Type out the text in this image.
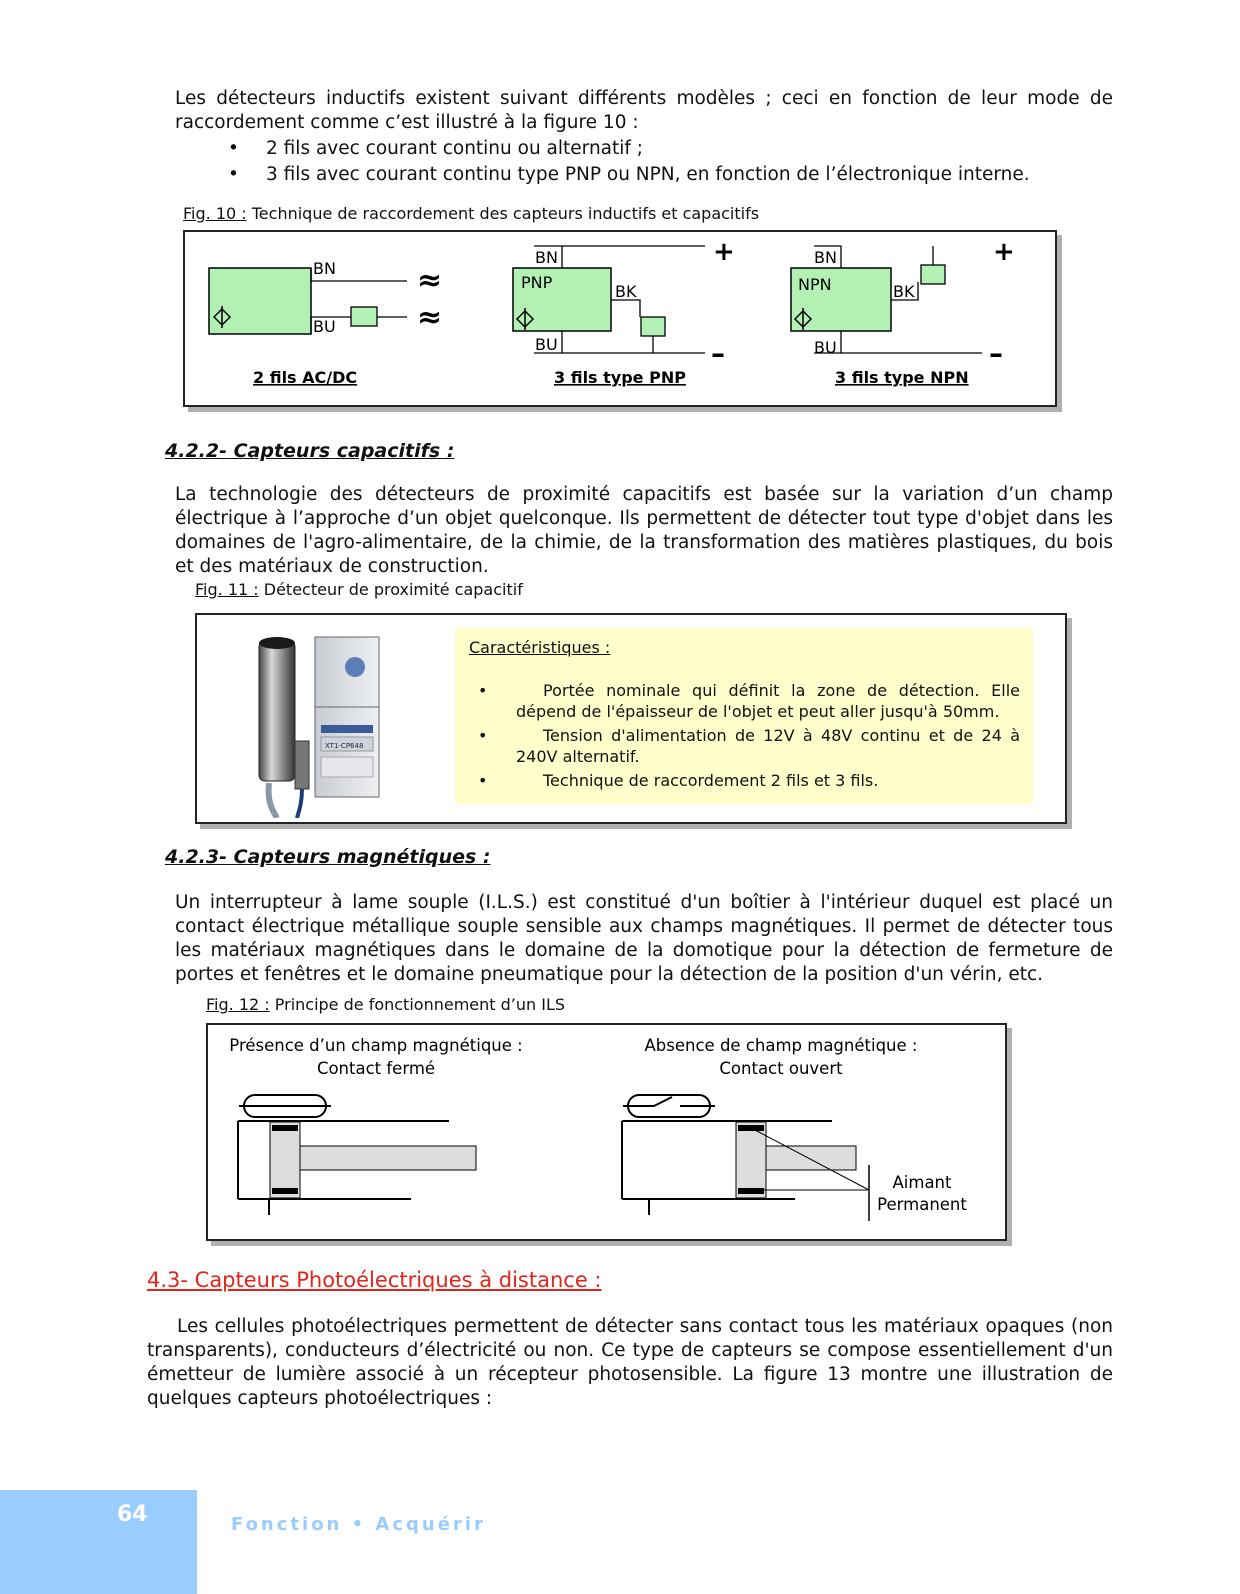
Les détecteurs inductifs existent suivant différents modèles ; ceci en fonction de leur mode de raccordement comme c’est illustré à la figure 10 :
• 2 fils avec courant continu ou alternatif ;
• 3 fils avec courant continu type PNP ou NPN, en fonction de l’électronique interne.
Fig. 10 : Technique de raccordement des capteurs inductifs et capacitifs
BN
BU
≈
≈
2 fils AC/DC
BN
PNP	BK
BU
+
–
3 fils type PNP
BN
NPN	BK
BU
+
–
3 fils type NPN
4.2.2- Capteurs capacitifs :
La technologie des détecteurs de proximité capacitifs est basée sur la variation d’un champ électrique à l’approche d’un objet quelconque. Ils permettent de détecter tout type d'objet dans les domaines de l'agro-alimentaire, de la chimie, de la transformation des matières plastiques, du bois et des matériaux de construction.
Fig. 11 : Détecteur de proximité capacitif
XT1-CP648
Caractéristiques :
• Portée nominale qui définit la zone de détection. Elle dépend de l'épaisseur de l'objet et peut aller jusqu'à 50mm.
• Tension d'alimentation de 12V à 48V continu et de 24 à 240V alternatif.
• Technique de raccordement 2 fils et 3 fils.
4.2.3- Capteurs magnétiques :
Un interrupteur à lame souple (I.L.S.) est constitué d'un boîtier à l'intérieur duquel est placé un contact électrique métallique souple sensible aux champs magnétiques. Il permet de détecter tous les matériaux magnétiques dans le domaine de la domotique pour la détection de fermeture de portes et fenêtres et le domaine pneumatique pour la détection de la position d'un vérin, etc.
Fig. 12 : Principe de fonctionnement d’un ILS
Présence d’un champ magnétique :
Contact fermé
Absence de champ magnétique :
Contact ouvert
Aimant
Permanent
4.3- Capteurs Photoélectriques à distance :
Les cellules photoélectriques permettent de détecter sans contact tous les matériaux opaques (non transparents), conducteurs d’électricité ou non. Ce type de capteurs se compose essentiellement d'un émetteur de lumière associé à un récepteur photosensible. La figure 13 montre une illustration de quelques capteurs photoélectriques :
64	Fonction • Acquérir
